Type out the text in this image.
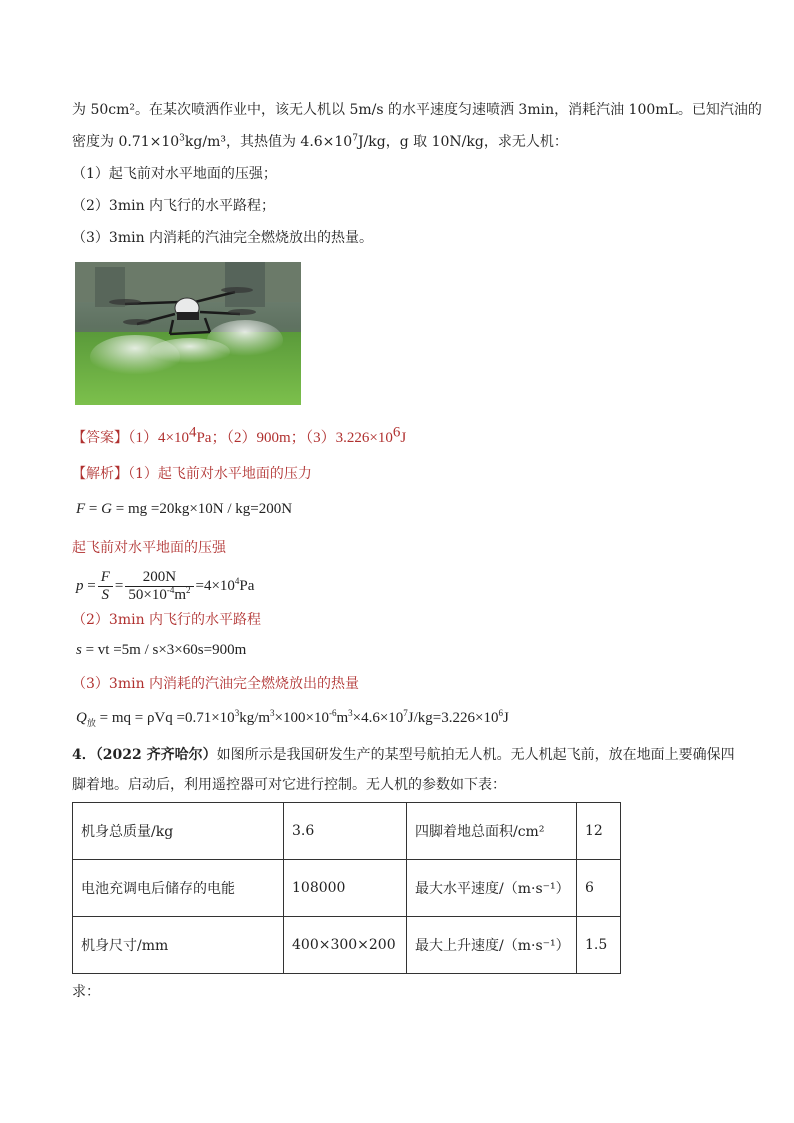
为 50cm²。在某次喷洒作业中，该无人机以 5m/s 的水平速度匀速喷洒 3min，消耗汽油 100mL。已知汽油的
密度为 $0.71\times 10^3kg/m^3$，其热值为 $4.6\times 10^7J/kg$，g 取 10N/kg，求无人机：
（1）起飞前对水平地面的压强；
（2）3min 内飞行的水平路程；
（3）3min 内消耗的汽油完全燃烧放出的热量。
【答案】$(1)4\times 10^4Pa$；（2）900m；$(3)3.226\times 10^6J$
【解析】（1）起飞前对水平地面的压力
F = G = mg =20kg×10N / kg=200N
起飞前对水平地面的压强
$p = \frac{F}{S} = \frac{200N}{50\times 10^{-4}m^2} =4\times 10^4Pa$
（2）3min 内飞行的水平路程
s = vt =5m / s×3×60s=900m
（3）3min 内消耗的汽油完全燃烧放出的热量
$Q_放$ = mq = $\rho Vq =0.71\times 10^3kg/m^3\times 100\times 10^{-6}m^3\times 4.6\times 10^7J/kg=3.226\times 10^6J$
4．（2022 齐齐哈尔）如图所示是我国研发生产的某型号航拍无人机。无人机起飞前，放在地面上要确保四
脚着地。启动后，利用遥控器可对它进行控制。无人机的参数如下表：
机身总质量/kg	3.6	四脚着地总面积/cm²	12
电池充调电后储存的电能	108000	最大水平速度/（m·s⁻¹）	6
机身尺寸/mm	400×300×200	最大上升速度/（m·s⁻¹）	1.5
求：
